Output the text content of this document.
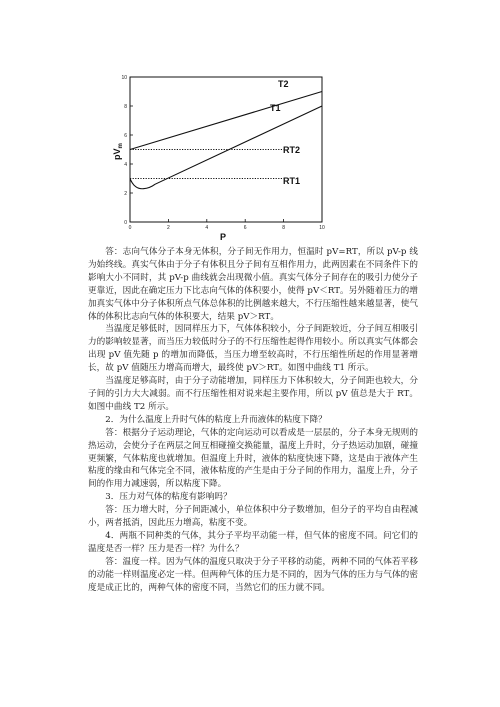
0	2	4	6	8	10
0
2
4
6
8
10
T2
T1
RT2
RT1
P
$pV_m$

答：志向气体分子本身无体积，分子间无作用力，恒温时 pV=RT，所以 pV-p 线为始终线。真实气体由于分子有体积且分子间有互相作用力，此两因素在不同条件下的影响大小不同时，其 pV-p 曲线就会出现微小值。真实气体分子间存在的吸引力使分子更靠近，因此在确定压力下比志向气体的体积要小，使得 pV＜RT。另外随着压力的增加真实气体中分子体积所点气体总体积的比例越来越大，不行压缩性越来越显著，使气体的体积比志向气体的体积要大，结果 pV＞RT。

当温度足够低时，因同样压力下，气体体积较小，分子间距较近，分子间互相吸引力的影响较显著，而当压力较低时分子的不行压缩性起得作用较小。所以真实气体都会出现 pV 值先随 p 的增加而降低，当压力增至较高时，不行压缩性所起的作用显著增长，故 pV 值随压力增高而增大，最终使 pV＞RT。如图中曲线 T1 所示。

当温度足够高时，由于分子动能增加，同样压力下体积较大，分子间距也较大，分子间的引力大大减弱。而不行压缩性相对说来起主要作用，所以 pV 值总是大于 RT。如图中曲线 T2 所示。

2．为什么温度上升时气体的粘度上升而液体的粘度下降？

答：根据分子运动理论，气体的定向运动可以看成是一层层的，分子本身无规则的热运动，会使分子在两层之间互相碰撞交换能量，温度上升时，分子热运动加剧，碰撞更频繁，气体粘度也就增加。但温度上升时，液体的粘度快速下降，这是由于液体产生粘度的缘由和气体完全不同，液体粘度的产生是由于分子间的作用力，温度上升，分子间的作用力减速弱，所以粘度下降。

3．压力对气体的粘度有影响吗？

答：压力增大时，分子间距减小，单位体积中分子数增加，但分子的平均自由程减小，两者抵消，因此压力增高，粘度不变。

4．两瓶不同种类的气体，其分子平均平动能一样，但气体的密度不同。问它们的温度是否一样？压力是否一样？为什么？

答：温度一样。因为气体的温度只取决于分子平移的动能，两种不同的气体若平移的动能一样则温度必定一样。但两种气体的压力是不同的，因为气体的压力与气体的密度是成正比的，两种气体的密度不同，当然它们的压力就不同。
